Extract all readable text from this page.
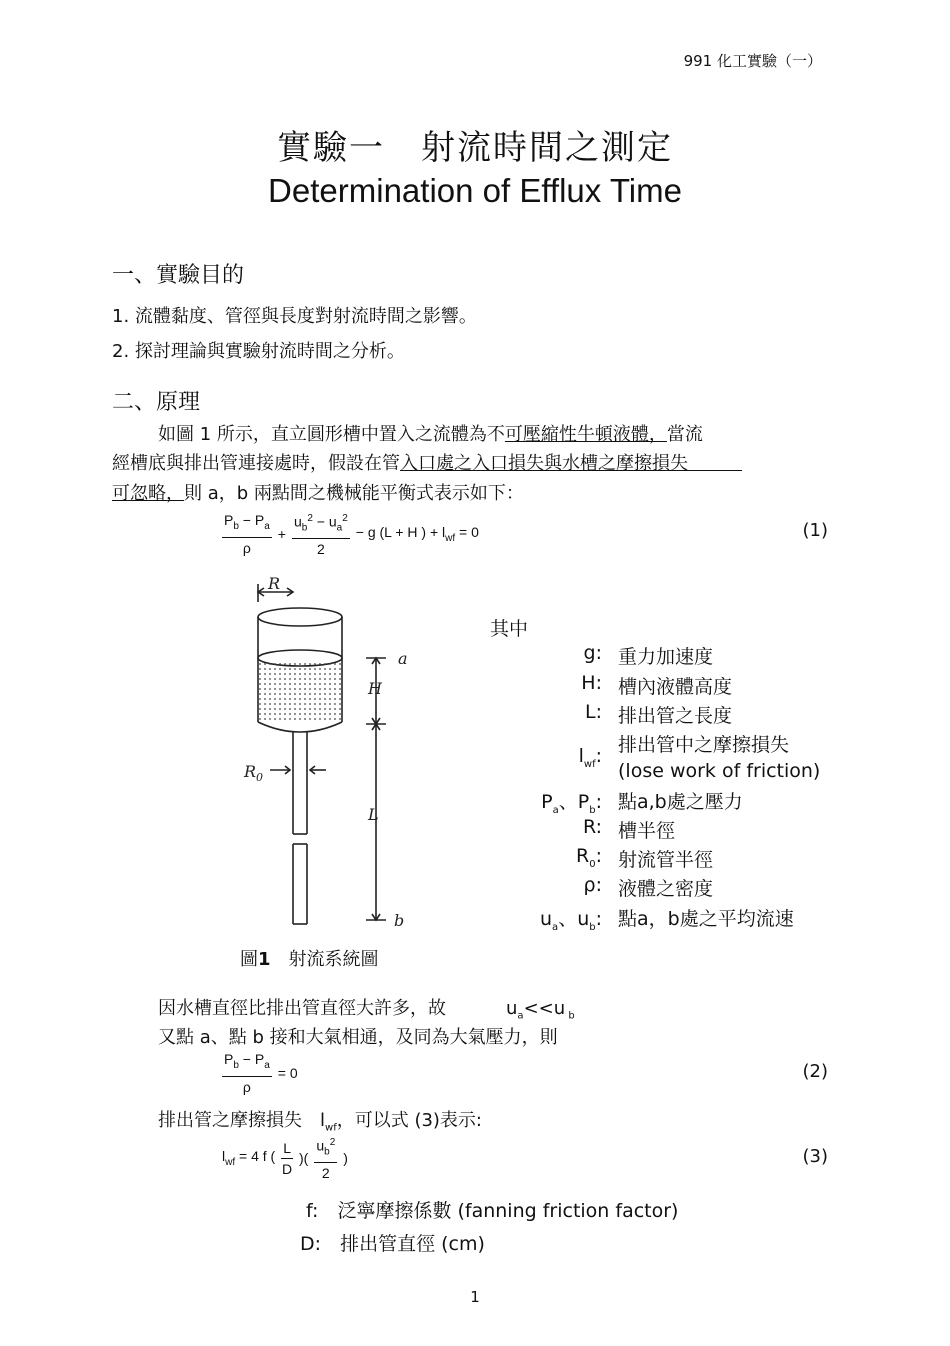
991 化工實驗（一）
實驗一　射流時間之測定
Determination of Efflux Time
一、實驗目的
1. 流體黏度、管徑與長度對射流時間之影響。
2. 探討理論與實驗射流時間之分析。
二、原理
如圖 1 所示，直立圓形槽中置入之流體為不可壓縮性牛頓液體，當流
經槽底與排出管連接處時，假設在管入口處之入口損失與水槽之摩擦損失　　　
可忽略，則 a，b 兩點間之機械能平衡式表示如下：
$\frac{P_b - P_a}{\rho} + \frac{u_b^2 - u_a^2}{2} - g$ (L + H ) + $l_{wf} = 0$	(1)
R
a
H
$R_0$
L
b
圖1　 射流系統圖
其中
g: 重力加速度
H: 槽內液體高度
L: 排出管之長度
$l_{wf}$: 排出管中之摩擦損失
(lose work of friction)
$P_a$、$P_b$: 點a,b處之壓力
R: 槽半徑
$R_0$: 射流管半徑
ρ: 液體之密度
$u_a$、$u_b$: 點a，b處之平均流速
因水槽直徑比排出管直徑大許多，故	$u_a<<u$ $_b$
又點 a、點 b 接和大氣相通，及同為大氣壓力，則
$\frac{P_b - P_a}{\rho} = 0$	(2)
排出管之摩擦損失　$l_{wf}$，可以式 (3)表示:
$l_{wf} = 4$ f ( $\frac{L}{D}$ )( $\frac{u_b^2}{2}$ )	(3)
f:　 泛寧摩擦係數 (fanning friction factor)
D:　 排出管直徑 (cm)
1
